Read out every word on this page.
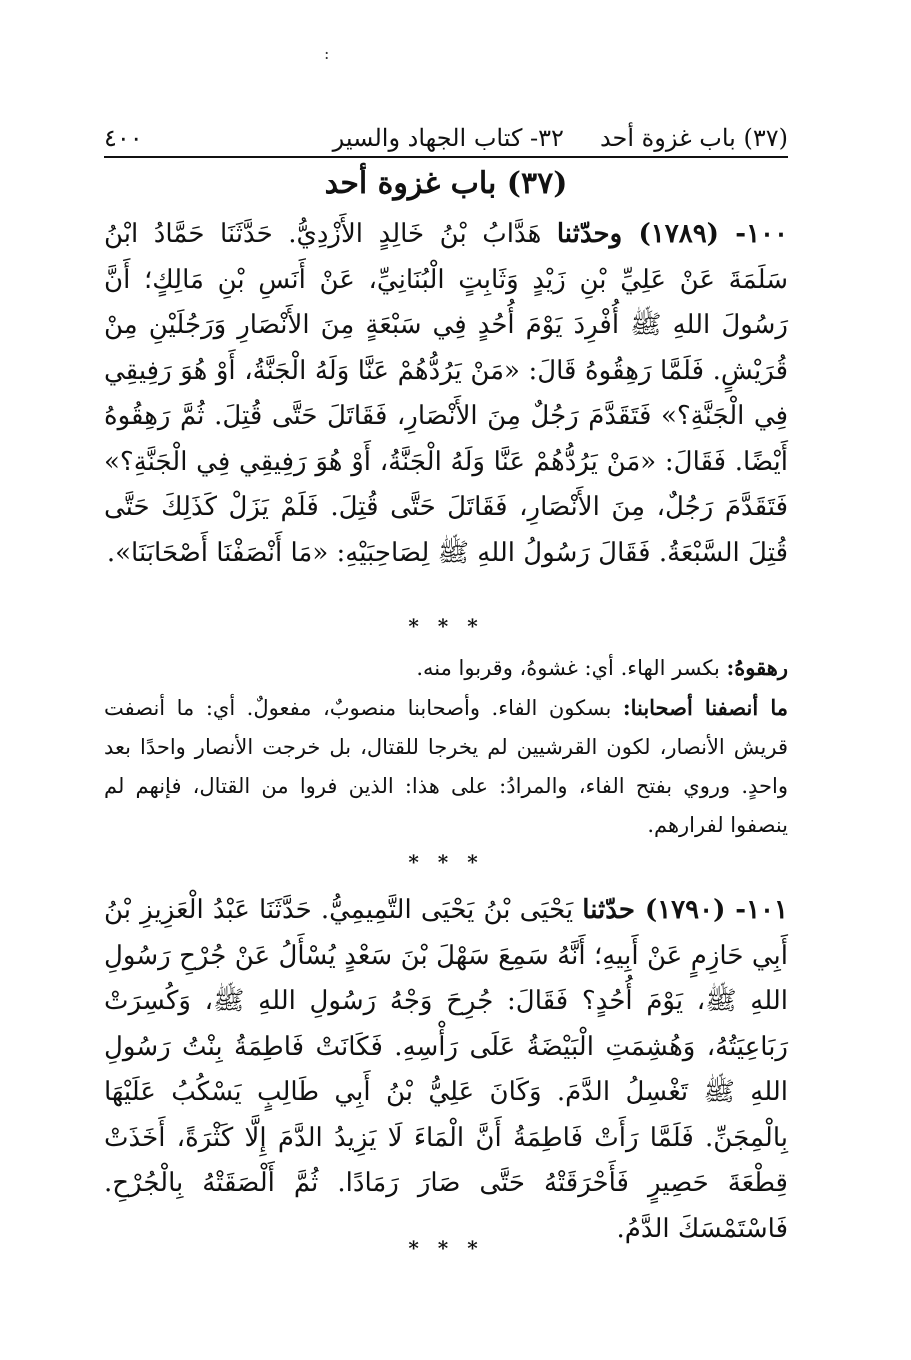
:
(٣٧) باب غزوة أحد
٣٢- كتاب الجهاد والسير
٤٠٠
(٣٧) باب غزوة أحد
١٠٠- (١٧٨٩) وحدّثنا هَدَّابُ بْنُ خَالِدٍ الأَزْدِيُّ. حَدَّثَنَا حَمَّادُ ابْنُ سَلَمَةَ عَنْ عَلِيِّ بْنِ زَيْدٍ وَثَابِتٍ الْبُنَانِيِّ، عَنْ أَنَسِ بْنِ مَالِكٍ؛ أَنَّ رَسُولَ اللهِ ﷺ أُفْرِدَ يَوْمَ أُحُدٍ فِي سَبْعَةٍ مِنَ الأَنْصَارِ وَرَجُلَيْنِ مِنْ قُرَيْشٍ. فَلَمَّا رَهِقُوهُ قَالَ: «مَنْ يَرُدُّهُمْ عَنَّا وَلَهُ الْجَنَّةُ، أَوْ هُوَ رَفِيقِي فِي الْجَنَّةِ؟» فَتَقَدَّمَ رَجُلٌ مِنَ الأَنْصَارِ، فَقَاتَلَ حَتَّى قُتِلَ. ثُمَّ رَهِقُوهُ أَيْضًا. فَقَالَ: «مَنْ يَرُدُّهُمْ عَنَّا وَلَهُ الْجَنَّةُ، أَوْ هُوَ رَفِيقِي فِي الْجَنَّةِ؟» فَتَقَدَّمَ رَجُلٌ، مِنَ الأَنْصَارِ، فَقَاتَلَ حَتَّى قُتِلَ. فَلَمْ يَزَلْ كَذَلِكَ حَتَّى قُتِلَ السَّبْعَةُ. فَقَالَ رَسُولُ اللهِ ﷺ لِصَاحِبَيْهِ: «مَا أَنْصَفْنَا أَصْحَابَنَا».
* * *

رهقوهُ: بكسر الهاء. أي: غشوهُ، وقربوا منه.

ما أنصفنا أصحابنا: بسكون الفاء. وأصحابنا منصوبٌ، مفعولٌ. أي: ما أنصفت قريش الأنصار، لكون القرشيين لم يخرجا للقتال، بل خرجت الأنصار واحدًا بعد واحدٍ. وروي بفتح الفاء، والمرادُ: على هذا: الذين فروا من القتال، فإنهم لم ينصفوا لفرارهم.

* * *
١٠١- (١٧٩٠) حدّثنا يَحْيَى بْنُ يَحْيَى التَّمِيمِيُّ. حَدَّثَنَا عَبْدُ الْعَزِيزِ بْنُ أَبِي حَازِمٍ عَنْ أَبِيهِ؛ أَنَّهُ سَمِعَ سَهْلَ بْنَ سَعْدٍ يُسْأَلُ عَنْ جُرْحِ رَسُولِ اللهِ ﷺ، يَوْمَ أُحُدٍ؟ فَقَالَ: جُرِحَ وَجْهُ رَسُولِ اللهِ ﷺ، وَكُسِرَتْ رَبَاعِيَتُهُ، وَهُشِمَتِ الْبَيْضَةُ عَلَى رَأْسِهِ. فَكَانَتْ فَاطِمَةُ بِنْتُ رَسُولِ اللهِ ﷺ تَغْسِلُ الدَّمَ. وَكَانَ عَلِيُّ بْنُ أَبِي طَالِبٍ يَسْكُبُ عَلَيْهَا بِالْمِجَنِّ. فَلَمَّا رَأَتْ فَاطِمَةُ أَنَّ الْمَاءَ لَا يَزِيدُ الدَّمَ إِلَّا كَثْرَةً، أَخَذَتْ قِطْعَةَ حَصِيرٍ فَأَحْرَقَتْهُ حَتَّى صَارَ رَمَادًا. ثُمَّ أَلْصَقَتْهُ بِالْجُرْحِ. فَاسْتَمْسَكَ الدَّمُ.
* * *
